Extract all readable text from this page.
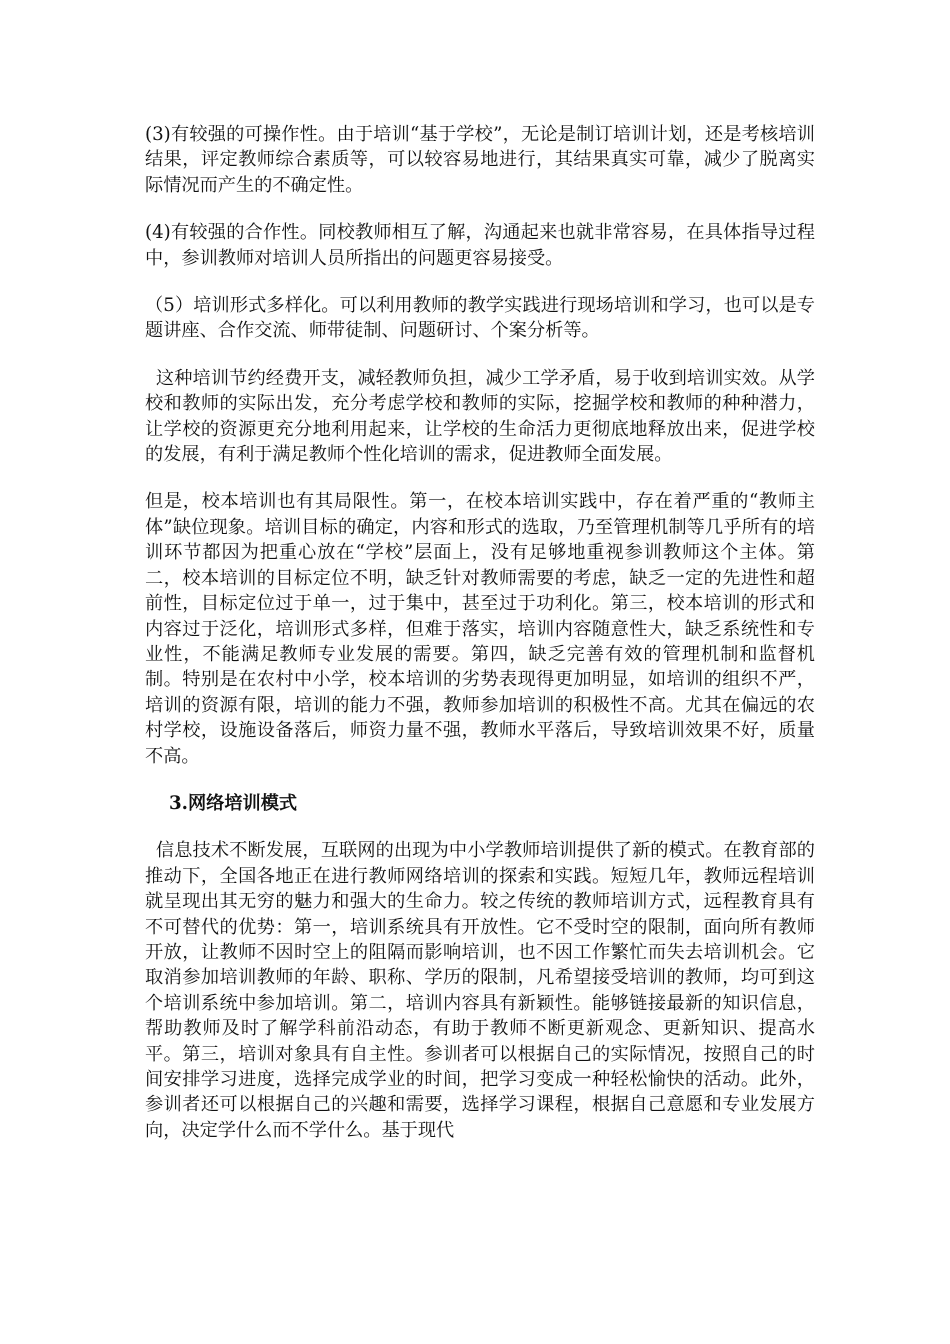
(3)有较强的可操作性。由于培训“基于学校”，无论是制订培训计划，还是考核培训结果，评定教师综合素质等，可以较容易地进行，其结果真实可靠，减少了脱离实际情况而产生的不确定性。

(4)有较强的合作性。同校教师相互了解，沟通起来也就非常容易，在具体指导过程中，参训教师对培训人员所指出的问题更容易接受。

（5）培训形式多样化。可以利用教师的教学实践进行现场培训和学习，也可以是专题讲座、合作交流、师带徒制、问题研讨、个案分析等。

这种培训节约经费开支，减轻教师负担，减少工学矛盾，易于收到培训实效。从学校和教师的实际出发，充分考虑学校和教师的实际，挖掘学校和教师的种种潜力，让学校的资源更充分地利用起来，让学校的生命活力更彻底地释放出来，促进学校的发展，有利于满足教师个性化培训的需求，促进教师全面发展。

但是，校本培训也有其局限性。第一，在校本培训实践中，存在着严重的“教师主体”缺位现象。培训目标的确定，内容和形式的选取，乃至管理机制等几乎所有的培训环节都因为把重心放在“学校”层面上，没有足够地重视参训教师这个主体。第二，校本培训的目标定位不明，缺乏针对教师需要的考虑，缺乏一定的先进性和超前性，目标定位过于单一，过于集中，甚至过于功利化。第三，校本培训的形式和内容过于泛化，培训形式多样，但难于落实，培训内容随意性大，缺乏系统性和专业性，不能满足教师专业发展的需要。第四，缺乏完善有效的管理机制和监督机制。特别是在农村中小学，校本培训的劣势表现得更加明显，如培训的组织不严，培训的资源有限，培训的能力不强，教师参加培训的积极性不高。尤其在偏远的农村学校，设施设备落后，师资力量不强，教师水平落后，导致培训效果不好，质量不高。

3.网络培训模式

信息技术不断发展，互联网的出现为中小学教师培训提供了新的模式。在教育部的推动下，全国各地正在进行教师网络培训的探索和实践。短短几年，教师远程培训就呈现出其无穷的魅力和强大的生命力。较之传统的教师培训方式，远程教育具有不可替代的优势：第一，培训系统具有开放性。它不受时空的限制，面向所有教师开放，让教师不因时空上的阻隔而影响培训，也不因工作繁忙而失去培训机会。它取消参加培训教师的年龄、职称、学历的限制，凡希望接受培训的教师，均可到这个培训系统中参加培训。第二，培训内容具有新颖性。能够链接最新的知识信息，帮助教师及时了解学科前沿动态，有助于教师不断更新观念、更新知识、提高水平。第三，培训对象具有自主性。参训者可以根据自己的实际情况，按照自己的时间安排学习进度，选择完成学业的时间，把学习变成一种轻松愉快的活动。此外，参训者还可以根据自己的兴趣和需要，选择学习课程，根据自己意愿和专业发展方向，决定学什么而不学什么。基于现代
